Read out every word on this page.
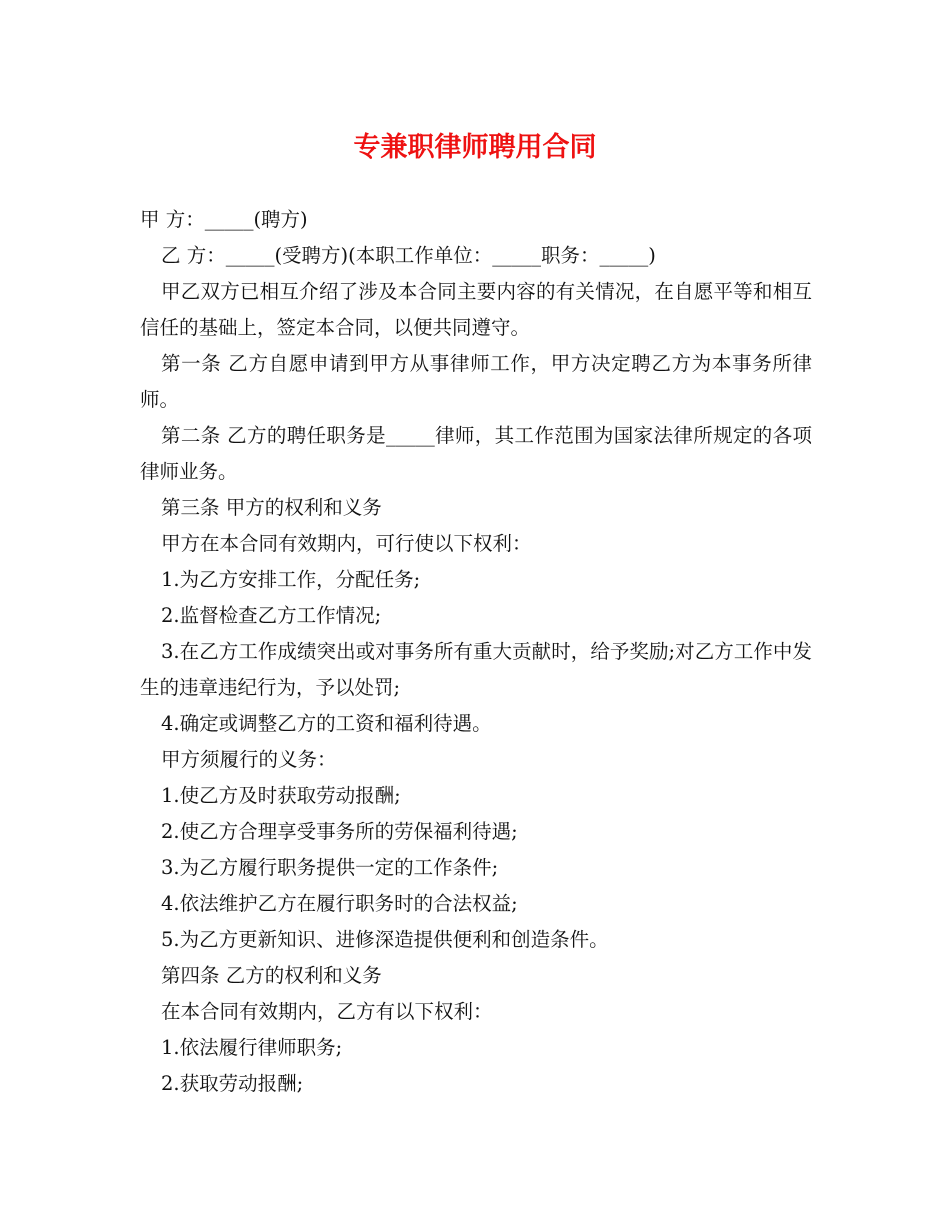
专兼职律师聘用合同

甲 方：_____(聘方)

乙 方：_____(受聘方)(本职工作单位：_____职务：_____)

甲乙双方已相互介绍了涉及本合同主要内容的有关情况，在自愿平等和相互信任的基础上，签定本合同，以便共同遵守。

第一条 乙方自愿申请到甲方从事律师工作，甲方决定聘乙方为本事务所律师。

第二条 乙方的聘任职务是_____律师，其工作范围为国家法律所规定的各项律师业务。

第三条 甲方的权利和义务

甲方在本合同有效期内，可行使以下权利：

1.为乙方安排工作，分配任务;

2.监督检查乙方工作情况;

3.在乙方工作成绩突出或对事务所有重大贡献时，给予奖励;对乙方工作中发生的违章违纪行为，予以处罚;

4.确定或调整乙方的工资和福利待遇。

甲方须履行的义务：

1.使乙方及时获取劳动报酬;

2.使乙方合理享受事务所的劳保福利待遇;

3.为乙方履行职务提供一定的工作条件;

4.依法维护乙方在履行职务时的合法权益;

5.为乙方更新知识、进修深造提供便利和创造条件。

第四条 乙方的权利和义务

在本合同有效期内，乙方有以下权利：

1.依法履行律师职务;

2.获取劳动报酬;
